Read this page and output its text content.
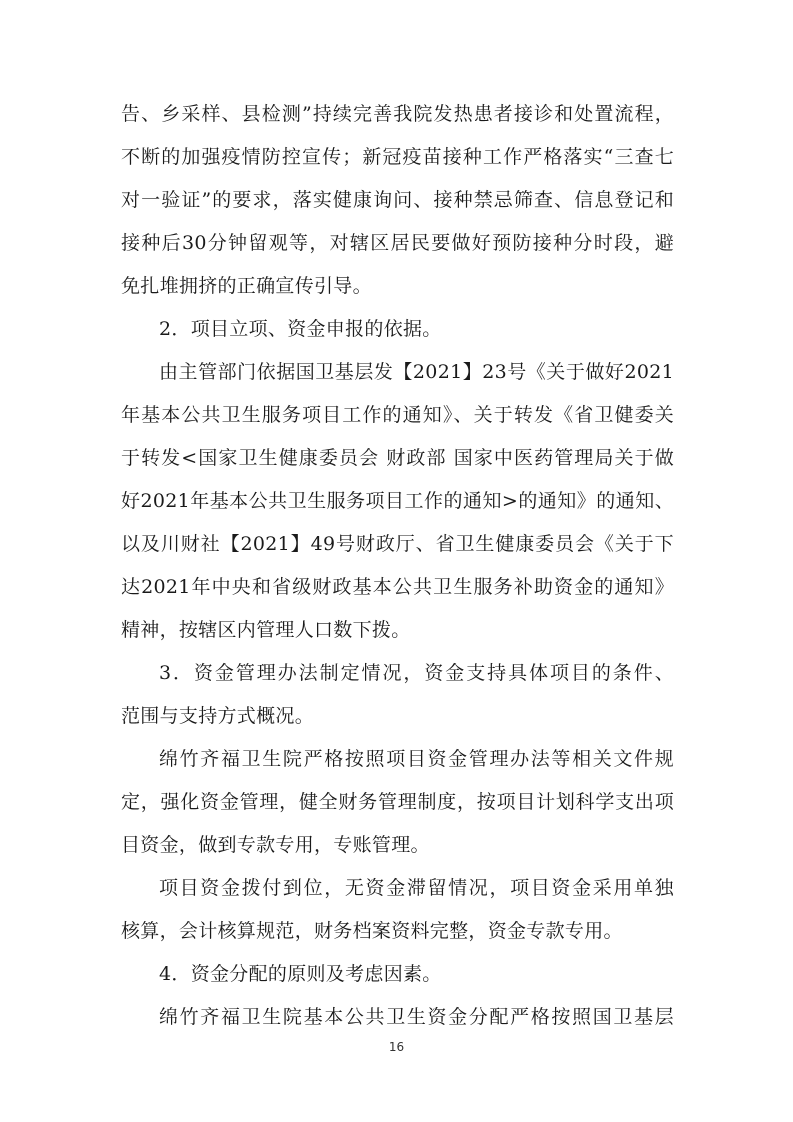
告、乡采样、县检测”持续完善我院发热患者接诊和处置流程，
不断的加强疫情防控宣传；新冠疫苗接种工作严格落实“三查七
对一验证”的要求，落实健康询问、接种禁忌筛查、信息登记和
接种后30分钟留观等，对辖区居民要做好预防接种分时段，避
免扎堆拥挤的正确宣传引导。
2．项目立项、资金申报的依据。
由主管部门依据国卫基层发【2021】23号《关于做好2021
年基本公共卫生服务项目工作的通知》、关于转发《省卫健委关
于转发<国家卫生健康委员会 财政部 国家中医药管理局关于做
好2021年基本公共卫生服务项目工作的通知>的通知》的通知、
以及川财社【2021】49号财政厅、省卫生健康委员会《关于下
达2021年中央和省级财政基本公共卫生服务补助资金的通知》
精神，按辖区内管理人口数下拨。
3．资金管理办法制定情况，资金支持具体项目的条件、
范围与支持方式概况。
绵竹齐福卫生院严格按照项目资金管理办法等相关文件规
定，强化资金管理，健全财务管理制度，按项目计划科学支出项
目资金，做到专款专用，专账管理。
项目资金拨付到位，无资金滞留情况，项目资金采用单独
核算，会计核算规范，财务档案资料完整，资金专款专用。
4．资金分配的原则及考虑因素。
绵竹齐福卫生院基本公共卫生资金分配严格按照国卫基层
16
